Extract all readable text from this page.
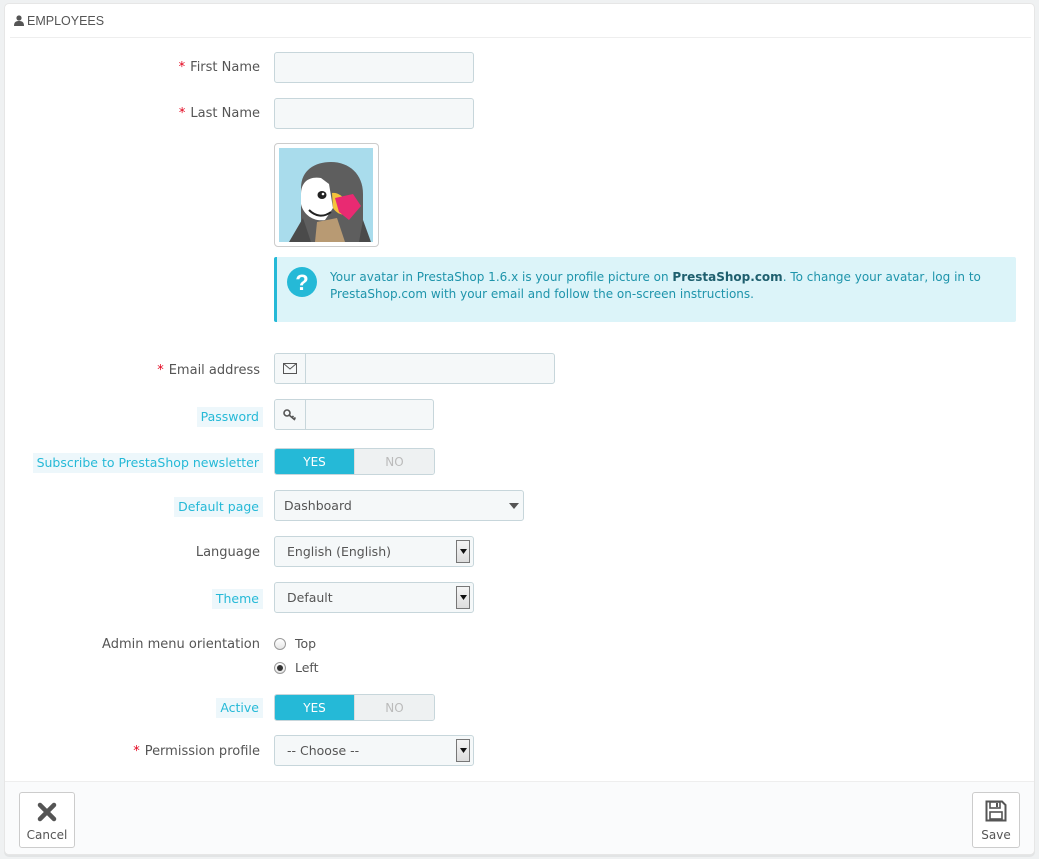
EMPLOYEES
* First Name
* Last Name
?	Your avatar in PrestaShop 1.6.x is your profile picture on PrestaShop.com. To change your avatar, log in to
PrestaShop.com with your email and follow the on-screen instructions.
* Email address
Password
Subscribe to PrestaShop newsletter	YES	NO
Default page	Dashboard
Language English (English)
Theme	Default
Admin menu orientation	Top
Left
Active	YES	NO
* Permission profile -- Choose --
Cancel	Save
